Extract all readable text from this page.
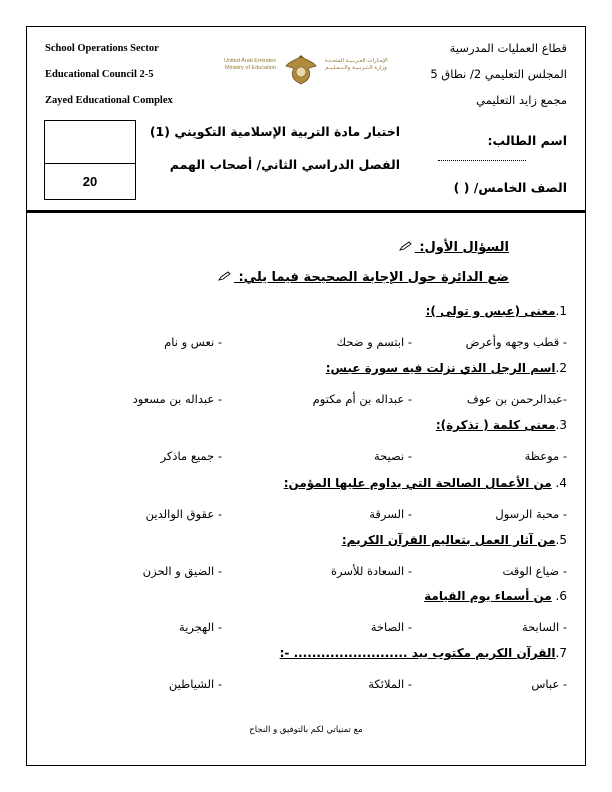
School Operations Sector
Educational Council 2-5
Zayed Educational Complex
United Arab Emirates
Ministry of Education
الإمـارات العـربـيـة المتحـدة
وزارة الـتـربـيـة والـتـعـلـيـم
قطاع العمليات المدرسية
المجلس التعليمي 2/ نطاق 5
مجمع زايد التعليمي
20
اختبار مادة التربية الإسلامية التكويني (1)
الفصل الدراسي الثاني/ أصحاب الهمم
اسم الطالب:
الصف الخامس/ ( )
السؤال الأول:
ضع الدائرة حول الإجابة الصحيحة فيما يلي:
1.معنى (عبس و تولى ):
- قطب وجهه وأعرض
- ابتسم و ضحك
- نعس و نام
2.اسم الرجل الذي نزلت فيه سورة عبس:
-عبدالرحمن بن عوف
- عبداله بن أم مكتوم
- عبداله بن مسعود
3.معنى كلمة ( تذكرة):
- موعظة
- نصيحة
- جميع ماذكر
4. من الأعمال الصالحة التي يداوم عليها المؤمن:
- محبة الرسول
- السرقة
- عقوق الوالدين
5.من آثار العمل بتعاليم القرآن الكريم:
- ضياع الوقت
- السعادة للأسرة
- الضيق و الحزن
6. من أسماء يوم القيامة
- السابحة
- الصاخة
- الهجرية
7.القرآن الكريم مكتوب بيد ......................... -:
- عباس
- الملائكة
- الشياطين
مع تمنياتي لكم بالتوفيق و النجاح
